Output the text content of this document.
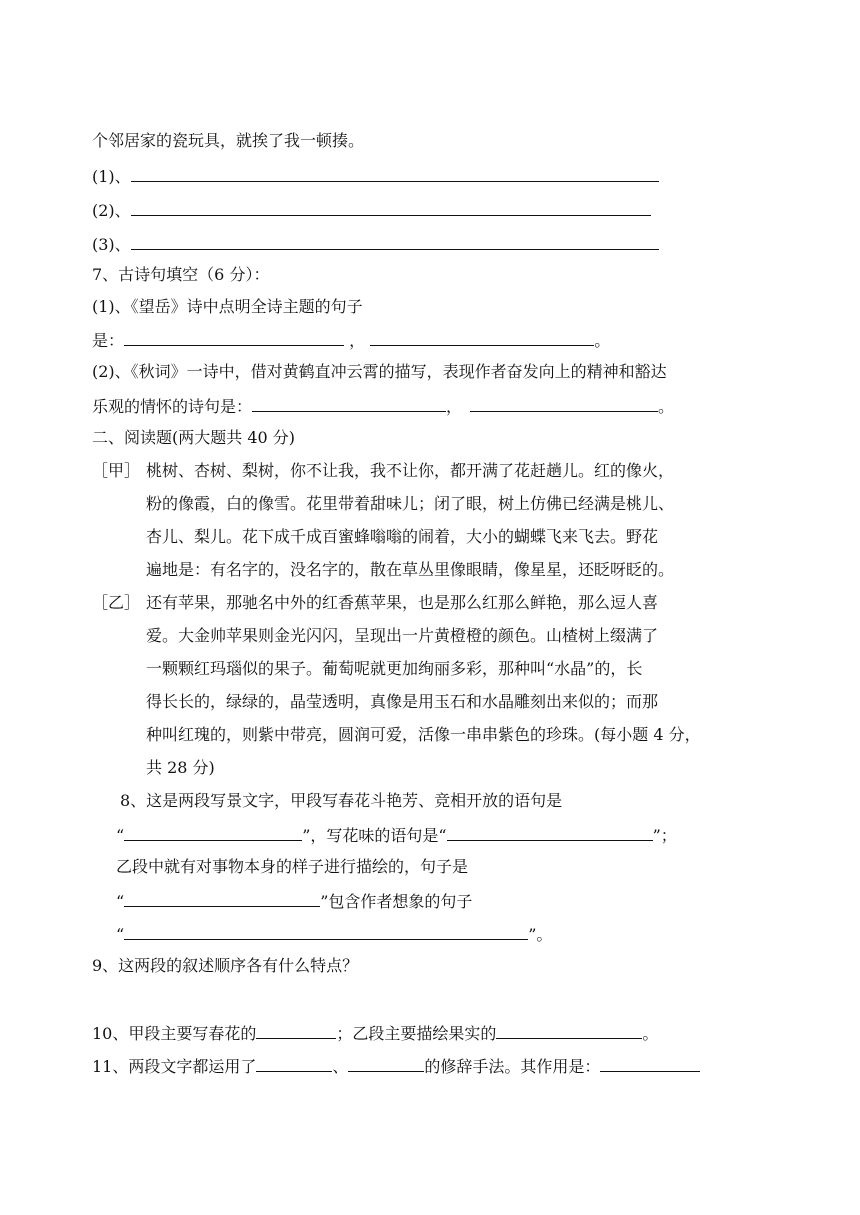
个邻居家的瓷玩具，就挨了我一顿揍。
(1)、
(2)、
(3)、
7、古诗句填空（6 分）：
(1)、《望岳》诗中点明全诗主题的句子
是：	，	。
(2)、《秋词》一诗中，借对黄鹤直冲云霄的描写，表现作者奋发向上的精神和豁达
乐观的情怀的诗句是：	，	。
二、阅读题(两大题共 40 分)
［甲］ 桃树、杏树、梨树，你不让我，我不让你，都开满了花赶趟儿。红的像火，
粉的像霞，白的像雪。花里带着甜味儿；闭了眼，树上仿佛已经满是桃儿、
杏儿、梨儿。花下成千成百蜜蜂嗡嗡的闹着，大小的蝴蝶飞来飞去。野花
遍地是：有名字的，没名字的，散在草丛里像眼睛，像星星，还眨呀眨的。
［乙］ 还有苹果，那驰名中外的红香蕉苹果，也是那么红那么鲜艳，那么逗人喜
爱。大金帅苹果则金光闪闪，呈现出一片黄橙橙的颜色。山楂树上缀满了
一颗颗红玛瑙似的果子。葡萄呢就更加绚丽多彩，那种叫“水晶”的，长
得长长的，绿绿的，晶莹透明，真像是用玉石和水晶雕刻出来似的；而那
种叫红瑰的，则紫中带亮，圆润可爱，活像一串串紫色的珍珠。(每小题 4 分，
共 28 分)
8、这是两段写景文字，甲段写春花斗艳芳、竞相开放的语句是
“	”，写花味的语句是“	”；
乙段中就有对事物本身的样子进行描绘的，句子是
“	”包含作者想象的句子
“	”。
9、这两段的叙述顺序各有什么特点？
10、甲段主要写春花的	；乙段主要描绘果实的	。
11、两段文字都运用了	、	的修辞手法。其作用是：
